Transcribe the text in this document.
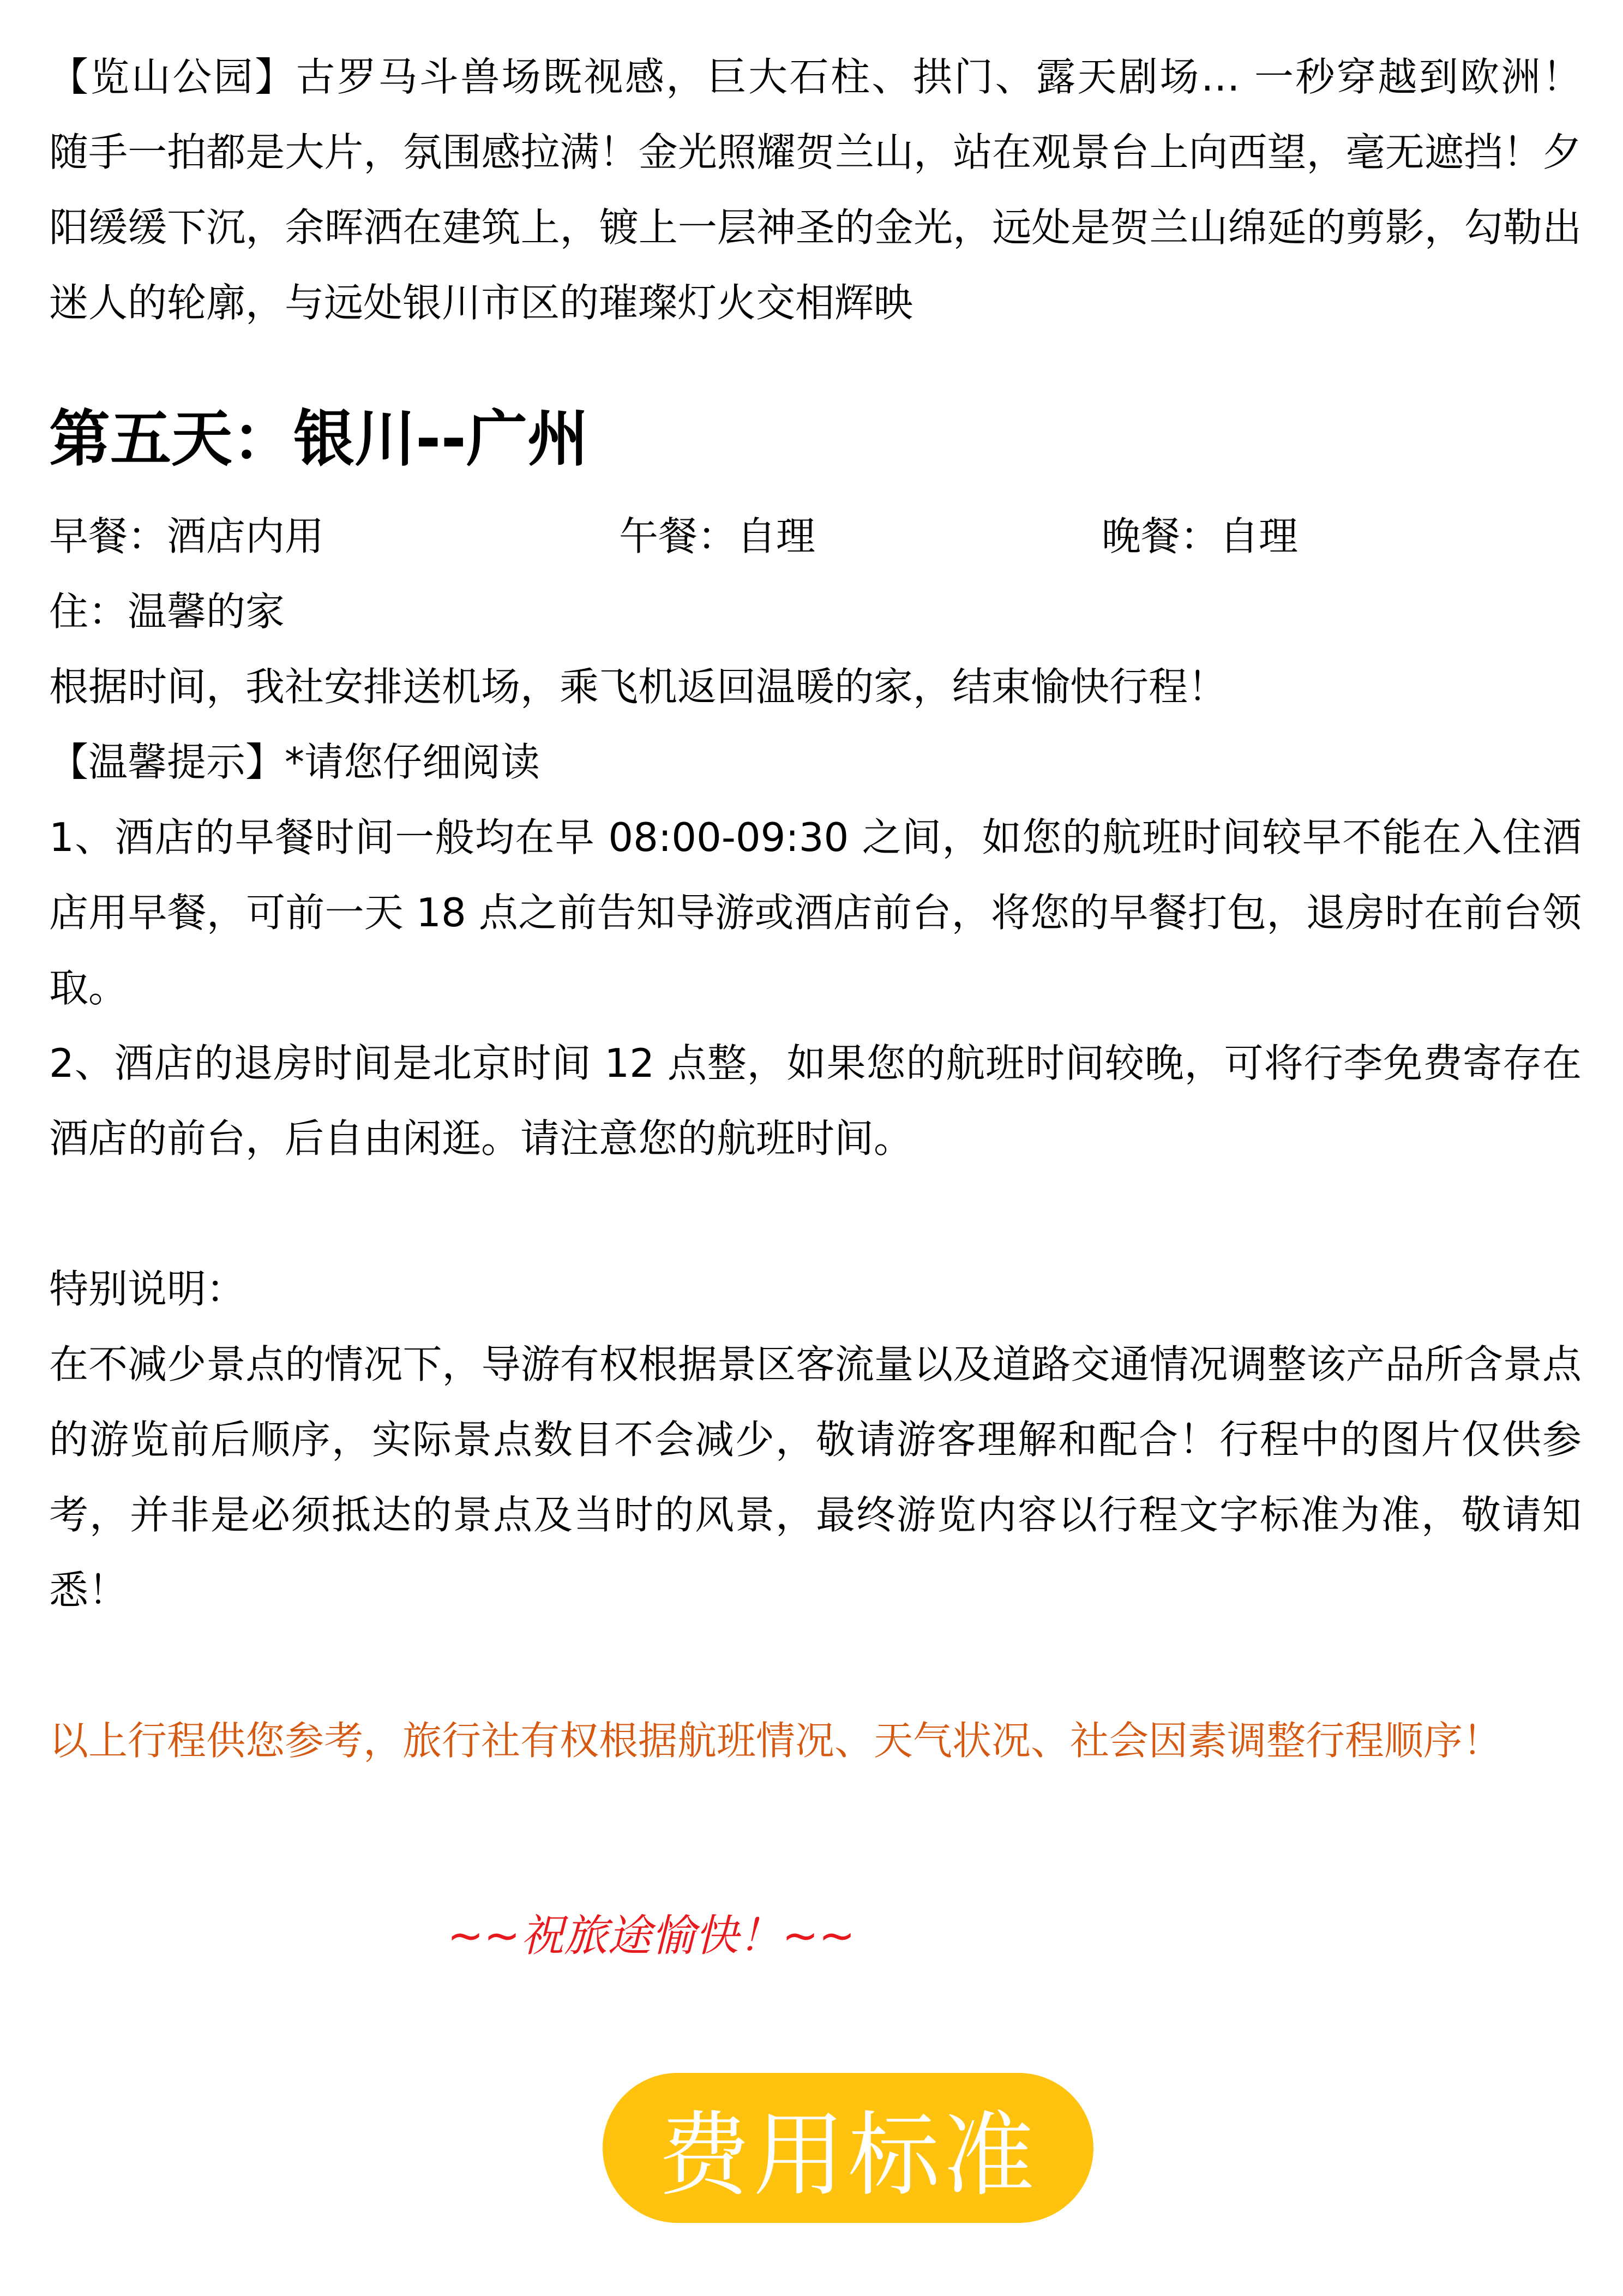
【览山公园】古罗马斗兽场既视感，巨大石柱、拱门、露天剧场… 一秒穿越到欧洲！　随手一拍都是大片，氛围感拉满！金光照耀贺兰山，站在观景台上向西望，毫无遮挡！夕阳缓缓下沉，余晖洒在建筑上，镀上一层神圣的金光，远处是贺兰山绵延的剪影，勾勒出迷人的轮廓，与远处银川市区的璀璨灯火交相辉映

第五天：银川--广州
早餐：酒店内用	午餐：自理	晚餐：自理

住：温馨的家

根据时间，我社安排送机场，乘飞机返回温暖的家，结束愉快行程！

【温馨提示】*请您仔细阅读

1、酒店的早餐时间一般均在早 08:00-09:30 之间，如您的航班时间较早不能在入住酒店用早餐，可前一天 18 点之前告知导游或酒店前台，将您的早餐打包，退房时在前台领取。

2、酒店的退房时间是北京时间 12 点整，如果您的航班时间较晚，可将行李免费寄存在酒店的前台，后自由闲逛。请注意您的航班时间。

特别说明：

在不减少景点的情况下，导游有权根据景区客流量以及道路交通情况调整该产品所含景点的游览前后顺序，实际景点数目不会减少，敬请游客理解和配合！行程中的图片仅供参考，并非是必须抵达的景点及当时的风景，最终游览内容以行程文字标准为准，敬请知悉！

以上行程供您参考，旅行社有权根据航班情况、天气状况、社会因素调整行程顺序！

~~祝旅途愉快！~~

费用标准
